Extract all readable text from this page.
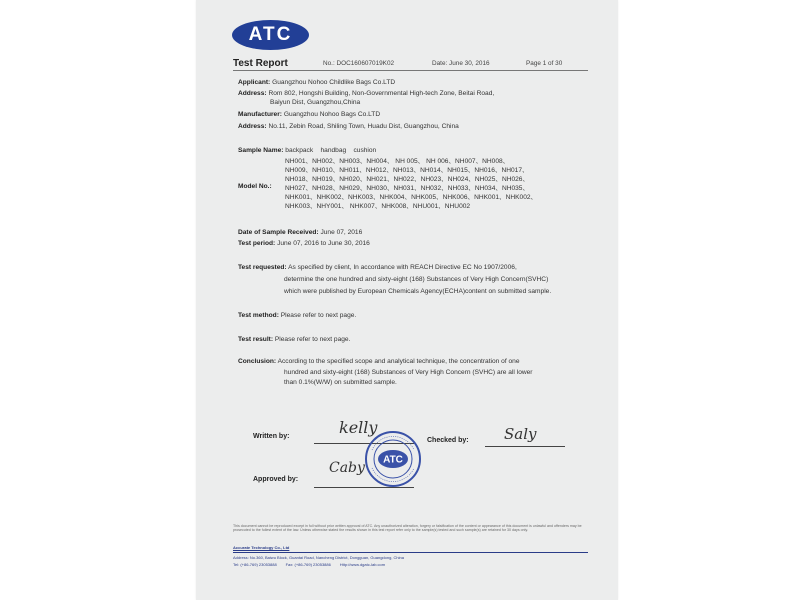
ATC
Test Report	No.: DOC160607019K02	Date: June 30, 2016	Page 1 of 30
Applicant: Guangzhou Nohoo Childlike Bags Co.LTD
Address: Rom 802, Hongshi Building, Non-Governmental High-tech Zone, Beitai Road,
Baiyun Dist, Guangzhou,China
Manufacturer: Guangzhou Nohoo Bags Co.LTD
Address: No.11, Zebin Road, Shiling Town, Huadu Dist, Guangzhou, China
Sample Name: backpack    handbag    cushion
Model No.:
NH001、NH002、NH003、NH004、 NH 005、 NH 006、NH007、NH008、
NH009、NH010、NH011、NH012、NH013、NH014、NH015、NH016、NH017、
NH018、NH019、NH020、NH021、NH022、NH023、NH024、NH025、NH026、
NH027、NH028、NH029、NH030、NH031、NH032、NH033、NH034、NH035、
NHK001、NHK002、NHK003、NHK004、NHK005、NHK006、NHK001、NHK002、
NHK003、NHY001、 NHK007、NHK008、NHU001、NHU002
Date of Sample Received: June 07, 2016
Test period: June 07, 2016 to June 30, 2016
Test requested: As specified by client, In accordance with REACH Directive EC No 1907/2006,
determine the one hundred and sixty-eight (168) Substances of Very High Concern(SVHC)
which were published by European Chemicals Agency(ECHA)content on submitted sample.
Test method: Please refer to next page.
Test result: Please refer to next page.
Conclusion: According to the specified scope and analytical technique, the concentration of one
hundred and sixty-eight (168) Substances of Very High Concern (SVHC) are all lower
than 0.1%(W/W) on submitted sample.
Written by:	kelly
Checked by: Saly
Approved by:
Caby ATC
This document cannot be reproduced except in full without prior written approval of ATC. Any unauthorized alteration, forgery or falsification of the content or appearance of this document is unlawful and offenders may be prosecuted to the fullest extent of the law. Unless otherwise stated the results shown in this test report refer only to the sample(s) tested and such sample(s) are retained for 30 days only.
Accurate Technology Co., Ltd
Address: No.360, Baiwu Block, Guantai Road, Nancheng District, Dongguan, Guangdong, China
Tel: (+86-769) 23053888        Fax: (+86-769) 23053886        Http://www.dgatc-lab.com
